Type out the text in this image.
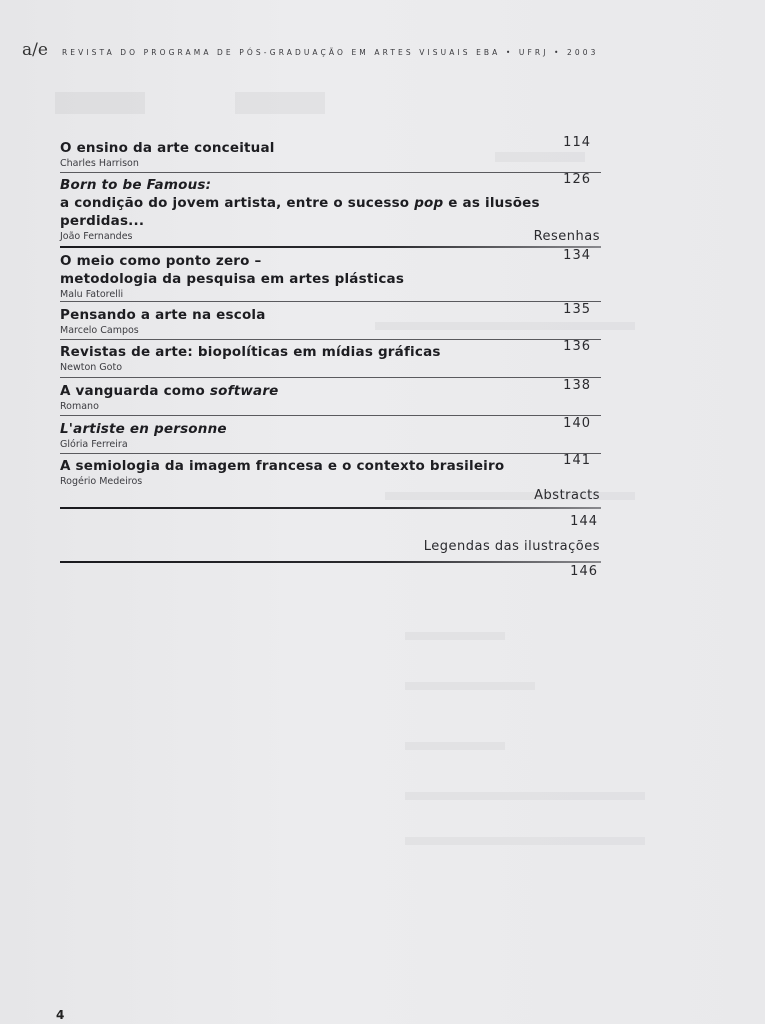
a/e REVISTA DO PROGRAMA DE PÓS-GRADUAÇÃO EM ARTES VISUAIS EBA • UFRJ • 2003
O ensino da arte conceitual
Charles Harrison
114
Born to be Famous:
a condição do jovem artista, entre o sucesso pop e as ilusões perdidas...
João Fernandes
126
Resenhas
O meio como ponto zero –
metodologia da pesquisa em artes plásticas
Malu Fatorelli
134
Pensando a arte na escola
Marcelo Campos
135
Revistas de arte: biopolíticas em mídias gráficas
Newton Goto
136
A vanguarda como software
Romano
138
L'artiste en personne
Glória Ferreira
140
A semiologia da imagem francesa e o contexto brasileiro
Rogério Medeiros
141
Abstracts
144
Legendas das ilustrações
146
4
